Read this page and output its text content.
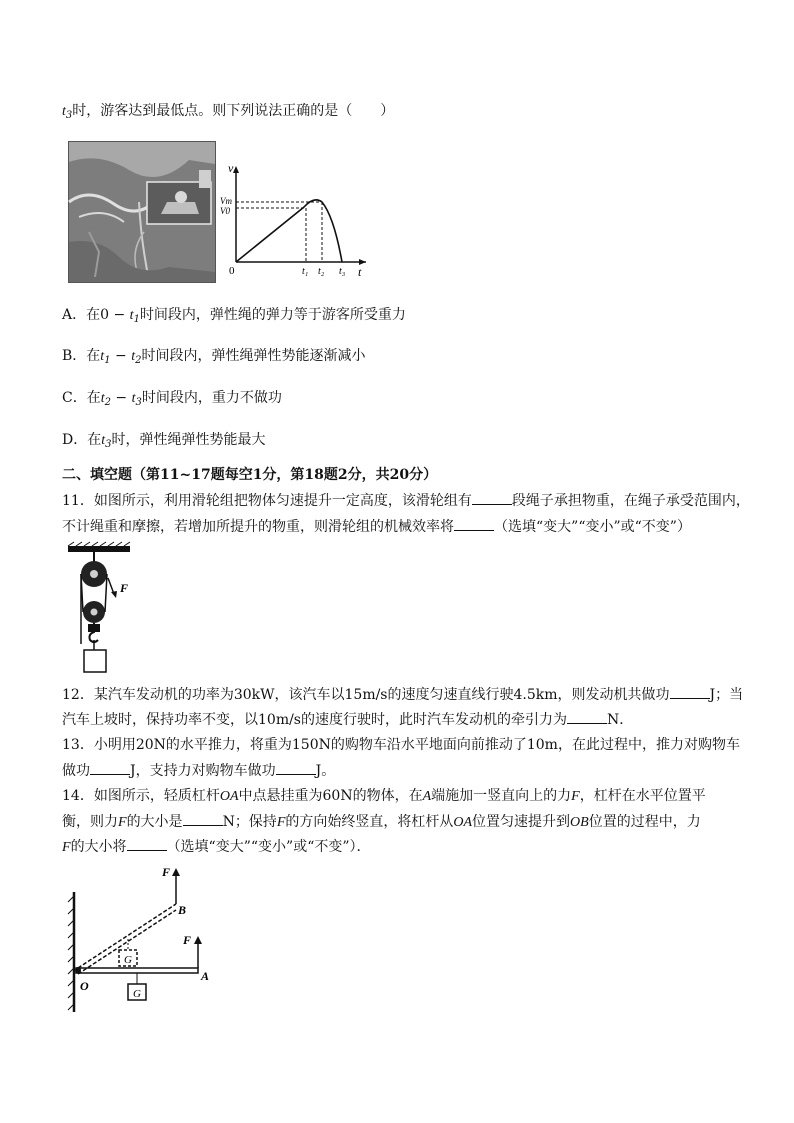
$t_3$时，游客达到最低点。则下列说法正确的是（　　）
v
t
Vm
V0
0	t₁ t₂ t₃
A．在$0 - t_1$时间段内，弹性绳的弹力等于游客所受重力
B．在$t_1 - t_2$时间段内，弹性绳弹性势能逐渐减小
C．在$t_2 - t_3$时间段内，重力不做功
D．在$t_3$时，弹性绳弹性势能最大
二、填空题（第11~17题每空1分，第18题2分，共20分）
11．如图所示，利用滑轮组把物体匀速提升一定高度，该滑轮组有	段绳子承担物重，在绳子承受范围内，
不计绳重和摩擦，若增加所提升的物重，则滑轮组的机械效率将	（选填“变大”“变小”或“不变”）
F
12．某汽车发动机的功率为30kW，该汽车以15m/s的速度匀速直线行驶4.5km，则发动机共做功	J；当
汽车上坡时，保持功率不变，以10m/s的速度行驶时，此时汽车发动机的牵引力为	N．
13．小明用20N的水平推力，将重为150N的购物车沿水平地面向前推动了10m，在此过程中，推力对购物车
做功	J，支持力对购物车做功	J。
14．如图所示，轻质杠杆OA中点悬挂重为60N的物体，在A端施加一竖直向上的力F，杠杆在水平位置平
衡，则力F的大小是	N；保持F的方向始终竖直，将杠杆从OA位置匀速提升到OB位置的过程中，力
F的大小将	（选填“变大”“变小”或“不变”）．
G
G
F
B
F
A
O
